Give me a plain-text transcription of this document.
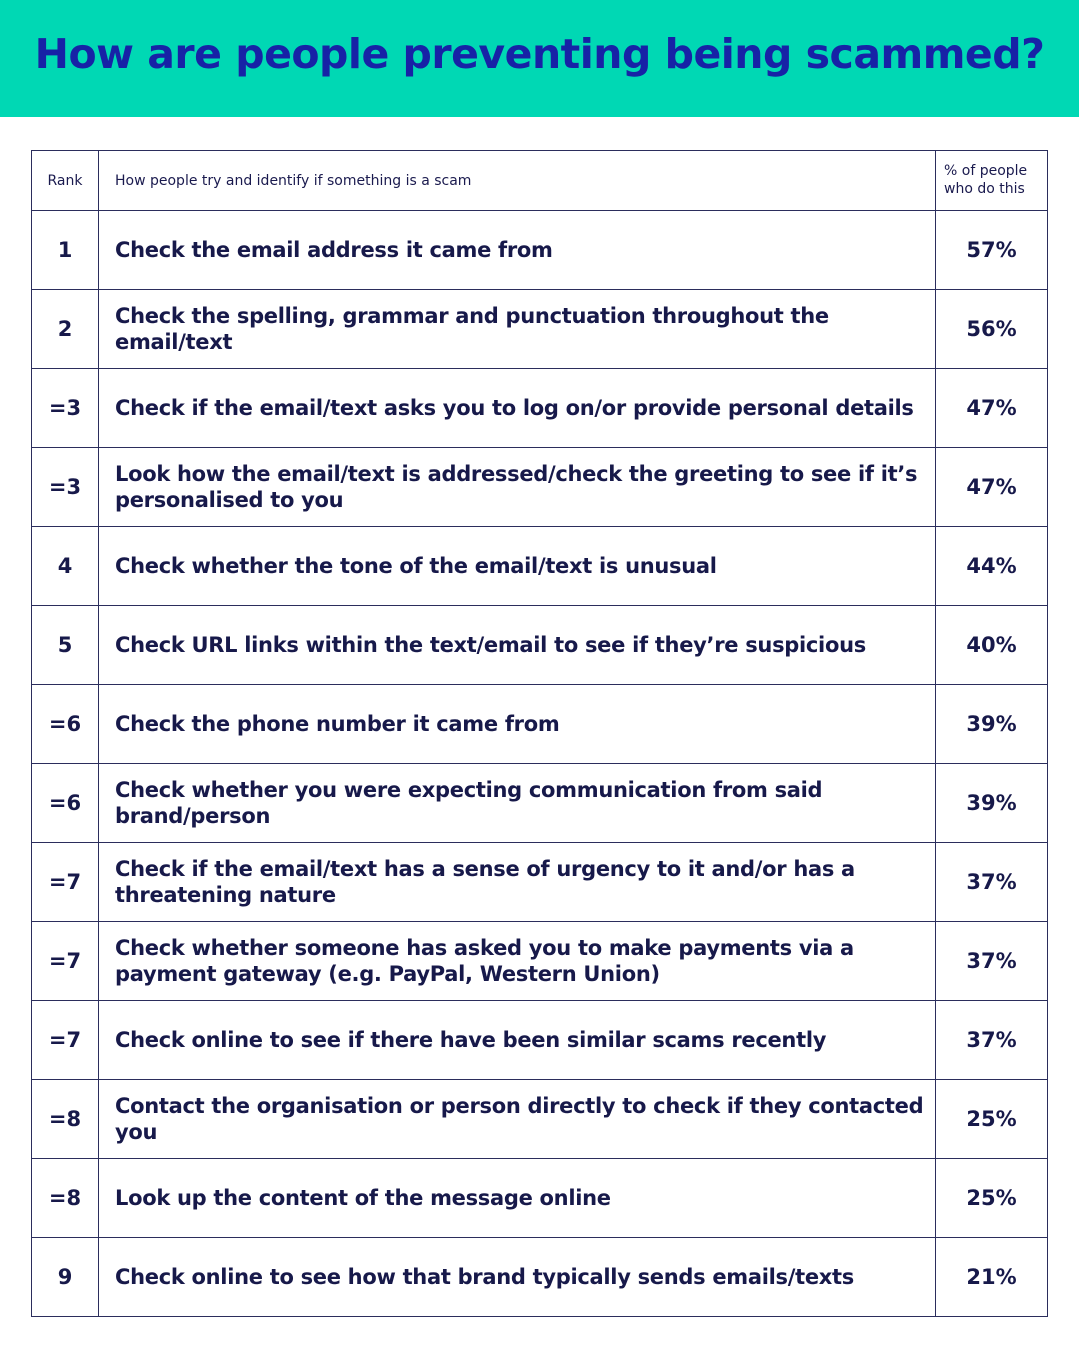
How are people preventing being scammed?
Rank	How people try and identify if something is a scam	% of people
who do this

1	Check the email address it came from	57%
2	Check the spelling, grammar and punctuation throughout the email/text	56%
=3	Check if the email/text asks you to log on/or provide personal details	47%
=3	Look how the email/text is addressed/check the greeting to see if it’s personalised to you	47%
4	Check whether the tone of the email/text is unusual	44%
5	Check URL links within the text/email to see if they’re suspicious	40%
=6	Check the phone number it came from	39%
=6	Check whether you were expecting communication from said brand/person	39%
=7	Check if the email/text has a sense of urgency to it and/or has a threatening nature	37%
=7	Check whether someone has asked you to make payments via a payment gateway (e.g. PayPal, Western Union)	37%
=7	Check online to see if there have been similar scams recently	37%
=8	Contact the organisation or person directly to check if they contacted you	25%
=8	Look up the content of the message online	25%
9	Check online to see how that brand typically sends emails/texts	21%
